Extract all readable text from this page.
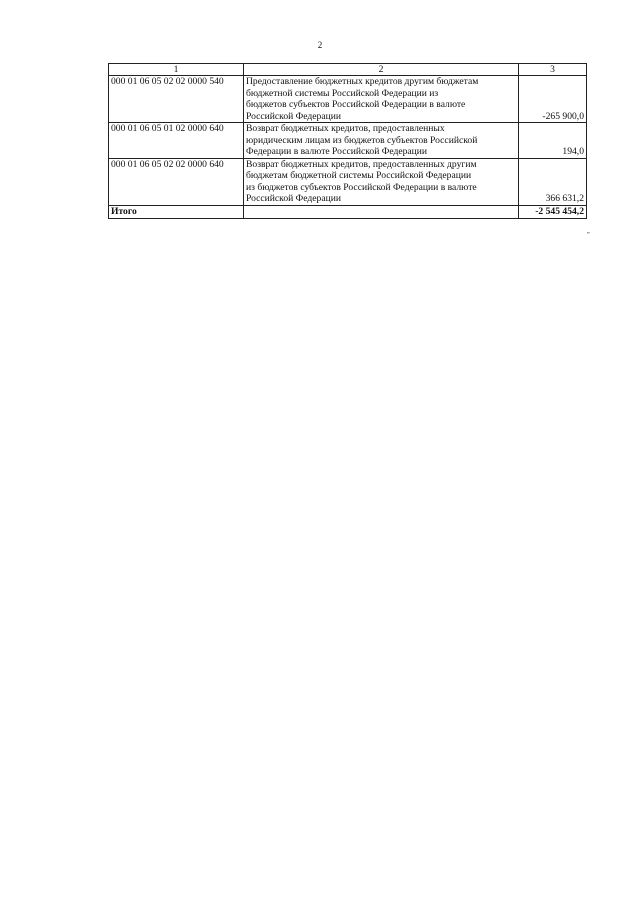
2
1	2	3
000 01 06 05 02 02 0000 540	Предоставление бюджетных кредитов другим бюджетам
бюджетной системы Российской Федерации из
бюджетов субъектов Российской Федерации в валюте
Российской Федерации	-265 900,0
000 01 06 05 01 02 0000 640	Возврат бюджетных кредитов, предоставленных
юридическим лицам из бюджетов субъектов Российской
Федерации в валюте Российской Федерации	194,0
000 01 06 05 02 02 0000 640	Возврат бюджетных кредитов, предоставленных другим
бюджетам бюджетной системы Российской Федерации
из бюджетов субъектов Российской Федерации в валюте
Российской Федерации	366 631,2
Итого		-2 545 454,2
”
